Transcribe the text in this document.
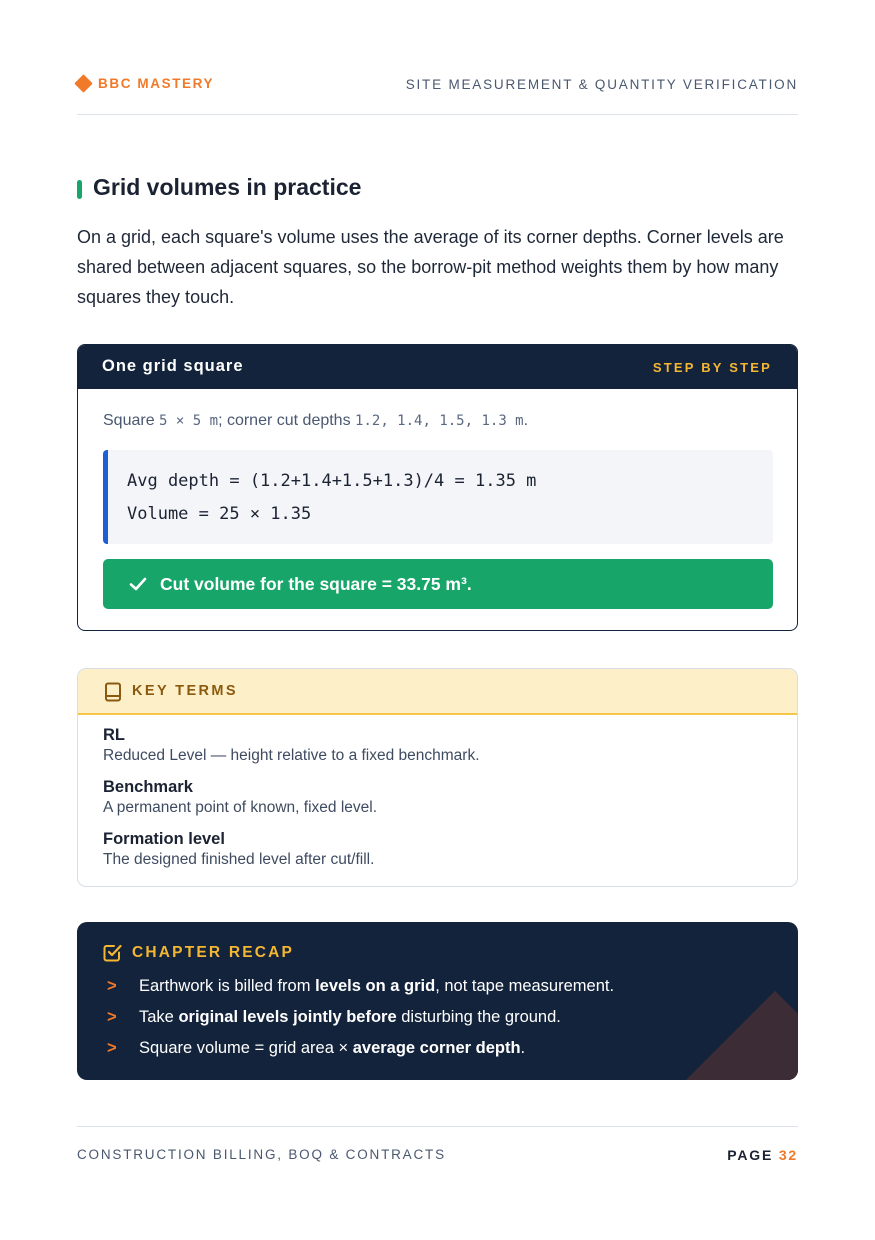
BBC MASTERY	SITE MEASUREMENT & QUANTITY VERIFICATION
Grid volumes in practice

On a grid, each square's volume uses the average of its corner depths. Corner levels are shared between adjacent squares, so the borrow-pit method weights them by how many squares they touch.

One grid square	STEP BY STEP
Square 5 × 5 m; corner cut depths 1.2, 1.4, 1.5, 1.3 m.
Avg depth = (1.2+1.4+1.5+1.3)/4 = 1.35 m
Volume = 25 × 1.35
Cut volume for the square = 33.75 m³.
KEY TERMS
RL
Reduced Level — height relative to a fixed benchmark.
Benchmark
A permanent point of known, fixed level.
Formation level
The designed finished level after cut/fill.
CHAPTER RECAP
> Earthwork is billed from levels on a grid, not tape measurement.
> Take original levels jointly before disturbing the ground.
> Square volume = grid area × average corner depth.
CONSTRUCTION BILLING, BOQ & CONTRACTS	PAGE 32
